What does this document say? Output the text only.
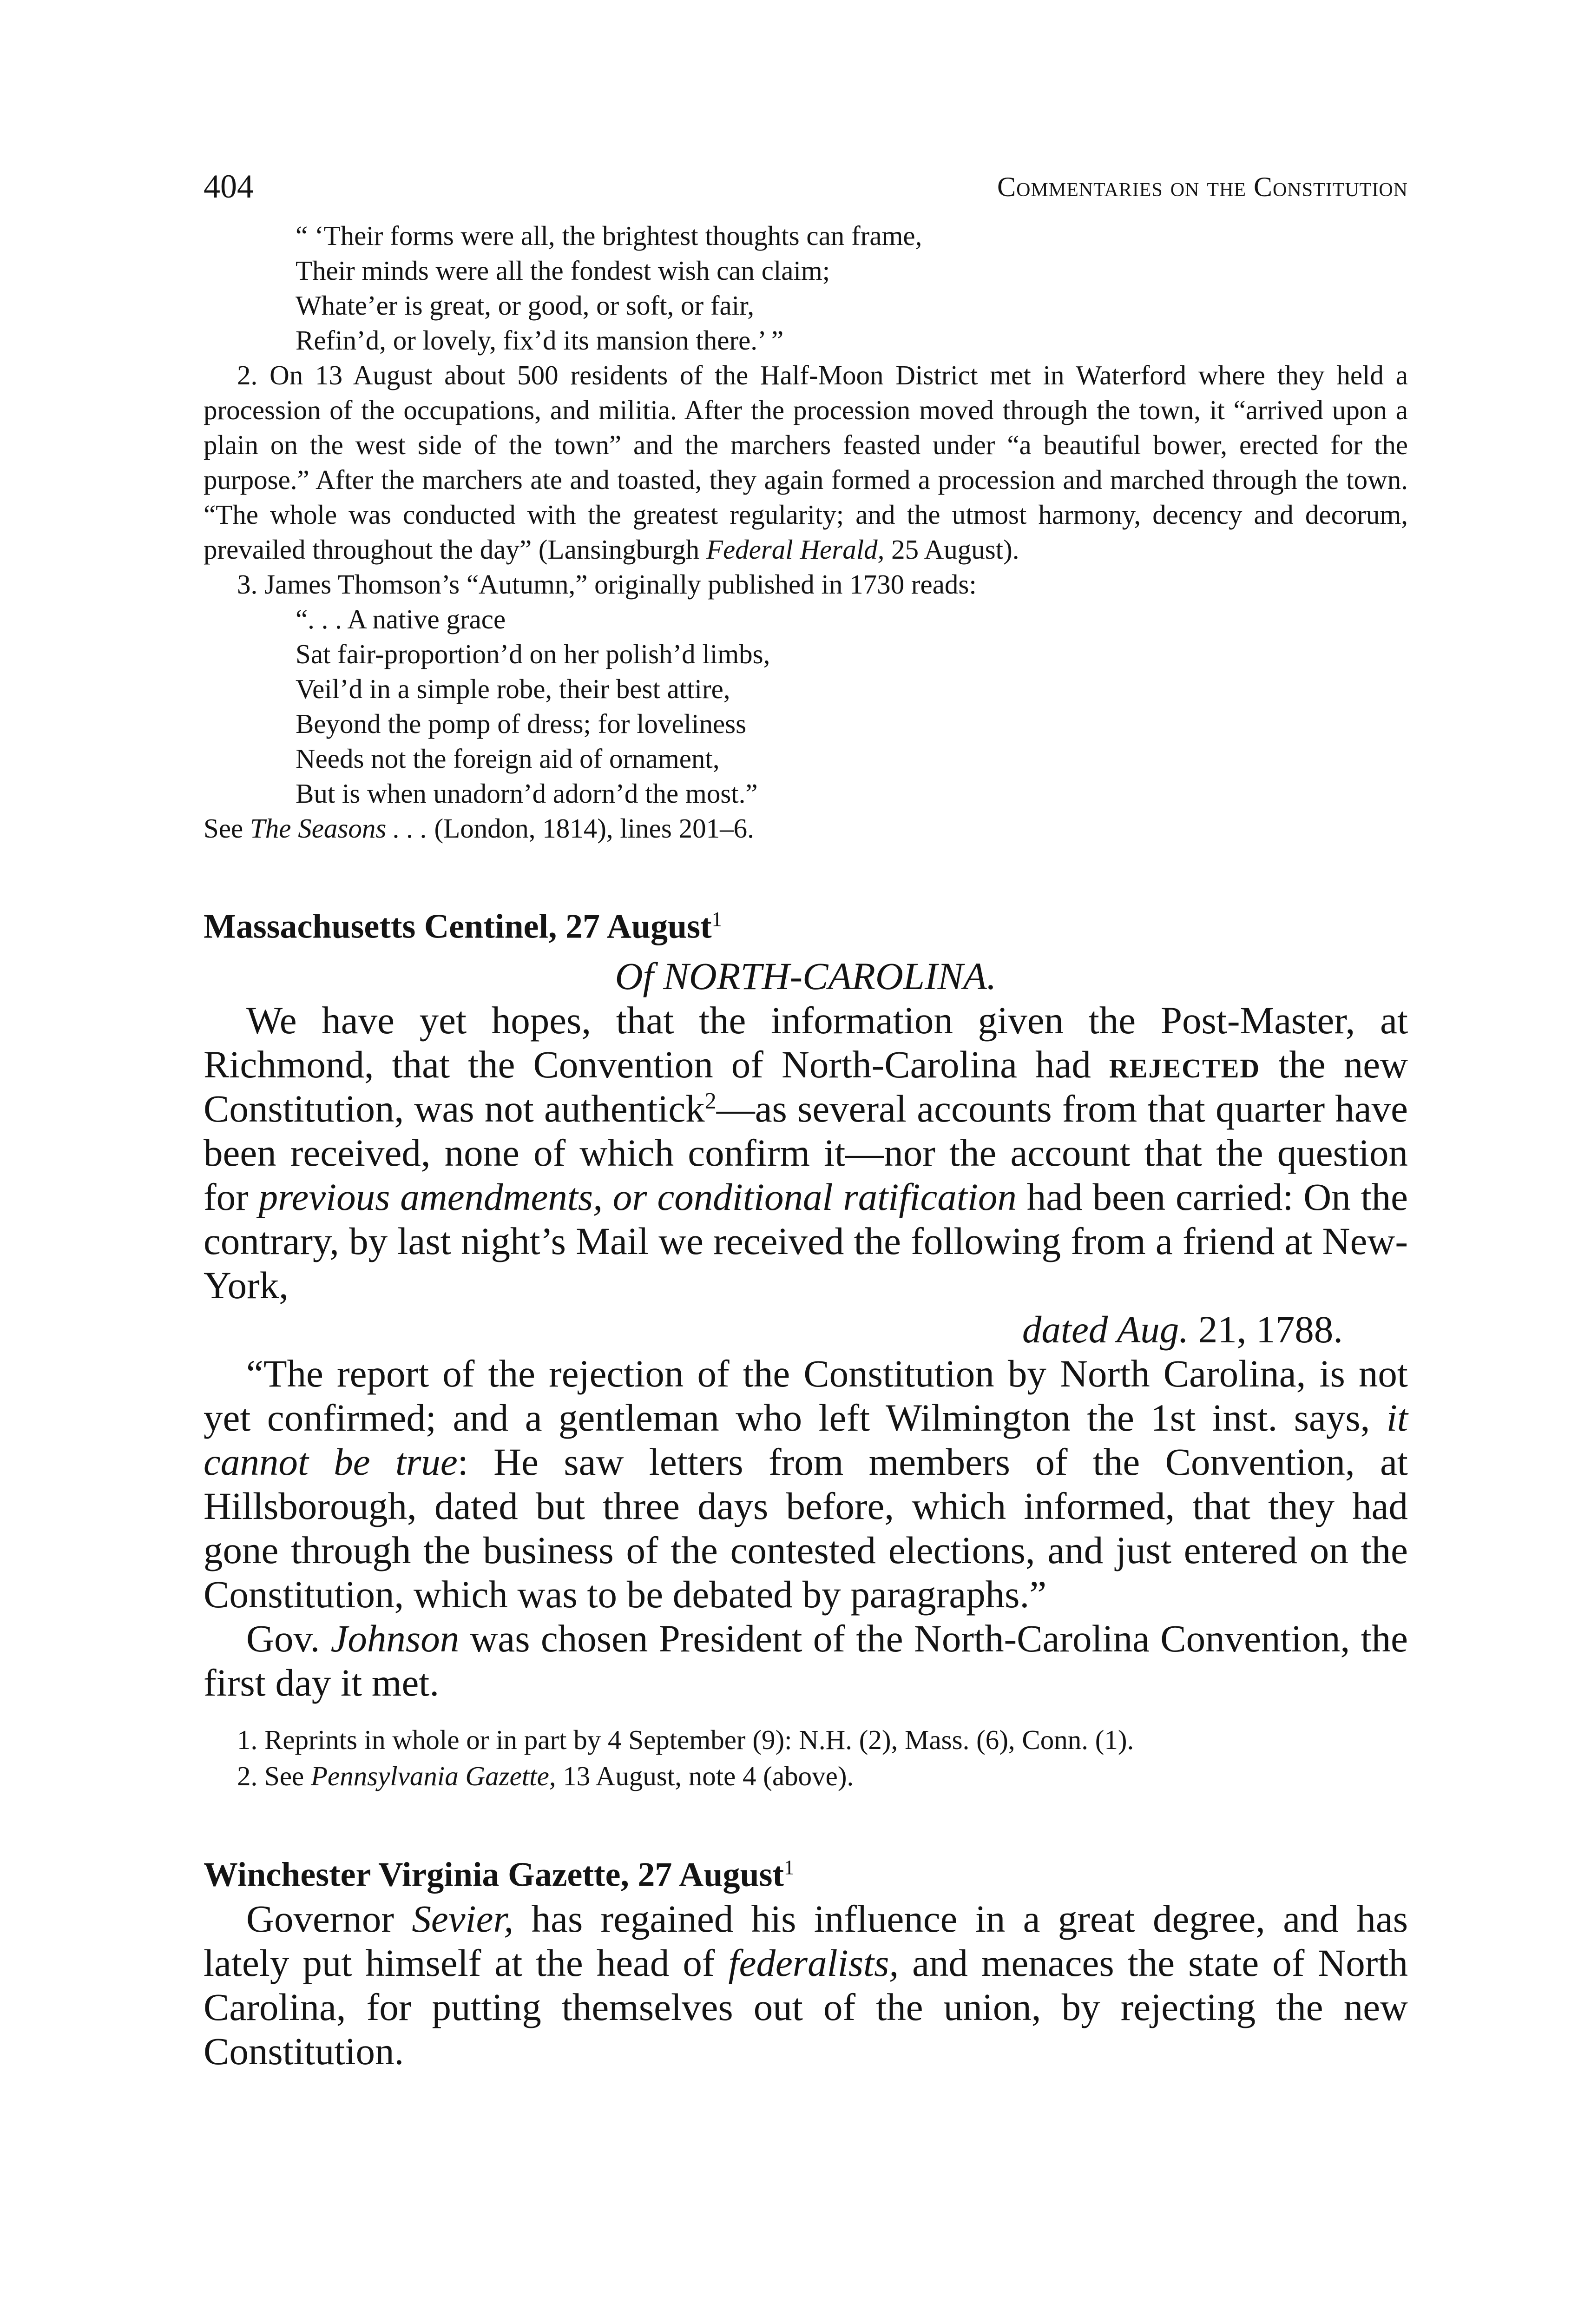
404	Commentaries on the Constitution
“ ‘Their forms were all, the brightest thoughts can frame,
Their minds were all the fondest wish can claim;
Whate’er is great, or good, or soft, or fair,
Refin’d, or lovely, fix’d its mansion there.’ ”

2. On 13 August about 500 residents of the Half-Moon District met in Waterford where they held a procession of the occupations, and militia. After the procession moved through the town, it “arrived upon a plain on the west side of the town” and the marchers feasted under “a beautiful bower, erected for the purpose.” After the marchers ate and toasted, they again formed a procession and marched through the town. “The whole was conducted with the greatest regularity; and the utmost harmony, decency and decorum, prevailed throughout the day” (Lansingburgh Federal Herald, 25 August).

3. James Thomson’s “Autumn,” originally published in 1730 reads:

“. . . A native grace
Sat fair-proportion’d on her polish’d limbs,
Veil’d in a simple robe, their best attire,
Beyond the pomp of dress; for loveliness
Needs not the foreign aid of ornament,
But is when unadorn’d adorn’d the most.”

See The Seasons . . . (London, 1814), lines 201–6.

Massachusetts Centinel, 27 August$^1$
Of NORTH-CAROLINA.

We have yet hopes, that the information given the Post-Master, at Richmond, that the Convention of North-Carolina had rejected the new Constitution, was not authentick$^2$—as several accounts from that quarter have been received, none of which confirm it—nor the account that the question for previous amendments, or conditional ratification had been carried: On the contrary, by last night’s Mail we received the following from a friend at New-York,

dated Aug. 21, 1788.

“The report of the rejection of the Constitution by North Carolina, is not yet confirmed; and a gentleman who left Wilmington the 1st inst. says, it cannot be true: He saw letters from members of the Convention, at Hillsborough, dated but three days before, which informed, that they had gone through the business of the contested elections, and just entered on the Constitution, which was to be debated by paragraphs.”

Gov. Johnson was chosen President of the North-Carolina Convention, the first day it met.

1. Reprints in whole or in part by 4 September (9): N.H. (2), Mass. (6), Conn. (1).

2. See Pennsylvania Gazette, 13 August, note 4 (above).

Winchester Virginia Gazette, 27 August$^1$

Governor Sevier, has regained his influence in a great degree, and has lately put himself at the head of federalists, and menaces the state of North Carolina, for putting themselves out of the union, by rejecting the new Constitution.
